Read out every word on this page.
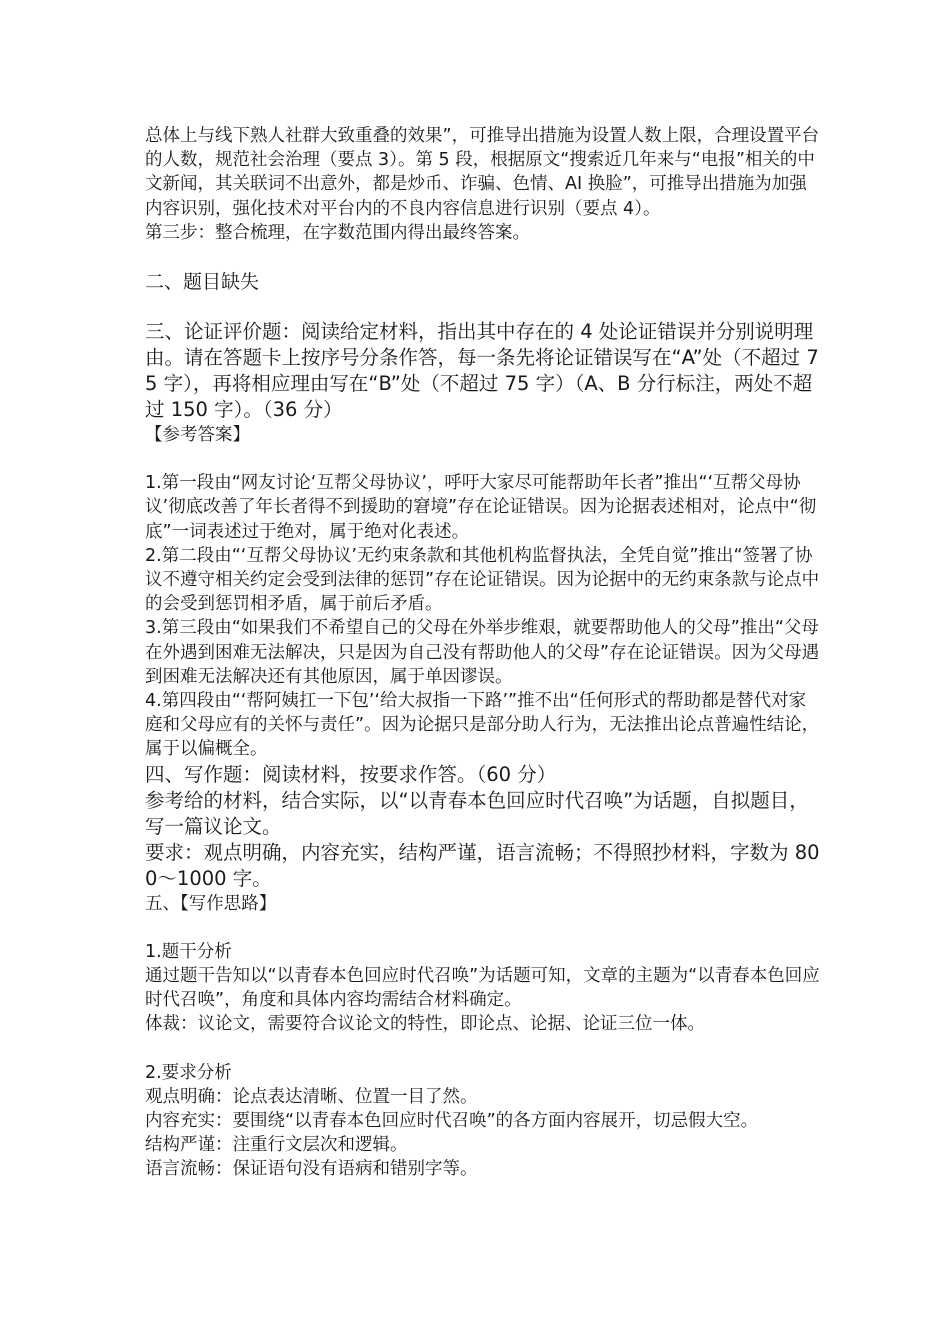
总体上与线下熟人社群大致重叠的效果”，可推导出措施为设置人数上限，合理设置平台的人数，规范社会治理（要点 3）。第 5 段，根据原文“搜索近几年来与“电报”相关的中文新闻，其关联词不出意外，都是炒币、诈骗、色情、AI 换脸”，可推导出措施为加强内容识别，强化技术对平台内的不良内容信息进行识别（要点 4）。

第三步：整合梳理，在字数范围内得出最终答案。

二、题目缺失

三、论证评价题：阅读给定材料，指出其中存在的 4 处论证错误并分别说明理由。请在答题卡上按序号分条作答，每一条先将论证错误写在“A”处（不超过 75 字），再将相应理由写在“B”处（不超过 75 字）（A、B 分行标注，两处不超过 150 字）。（36 分）

【参考答案】

1.第一段由“网友讨论‘互帮父母协议’，呼吁大家尽可能帮助年长者”推出“‘互帮父母协议’彻底改善了年长者得不到援助的窘境”存在论证错误。因为论据表述相对，论点中“彻底”一词表述过于绝对，属于绝对化表述。

2.第二段由“‘互帮父母协议’无约束条款和其他机构监督执法，全凭自觉”推出“签署了协议不遵守相关约定会受到法律的惩罚”存在论证错误。因为论据中的无约束条款与论点中的会受到惩罚相矛盾，属于前后矛盾。

3.第三段由“如果我们不希望自己的父母在外举步维艰，就要帮助他人的父母”推出“父母在外遇到困难无法解决，只是因为自己没有帮助他人的父母”存在论证错误。因为父母遇到困难无法解决还有其他原因，属于单因谬误。

4.第四段由“‘帮阿姨扛一下包’‘给大叔指一下路’”推不出“任何形式的帮助都是替代对家庭和父母应有的关怀与责任”。因为论据只是部分助人行为，无法推出论点普遍性结论，属于以偏概全。

四、写作题：阅读材料，按要求作答。（60 分）

参考给的材料，结合实际，以“以青春本色回应时代召唤”为话题，自拟题目，写一篇议论文。

要求：观点明确，内容充实，结构严谨，语言流畅；不得照抄材料，字数为 800～1000 字。

五、【写作思路】

1.题干分析

通过题干告知以“以青春本色回应时代召唤”为话题可知，文章的主题为“以青春本色回应时代召唤”，角度和具体内容均需结合材料确定。

体裁：议论文，需要符合议论文的特性，即论点、论据、论证三位一体。

2.要求分析

观点明确：论点表达清晰、位置一目了然。

内容充实：要围绕“以青春本色回应时代召唤”的各方面内容展开，切忌假大空。

结构严谨：注重行文层次和逻辑。

语言流畅：保证语句没有语病和错别字等。
